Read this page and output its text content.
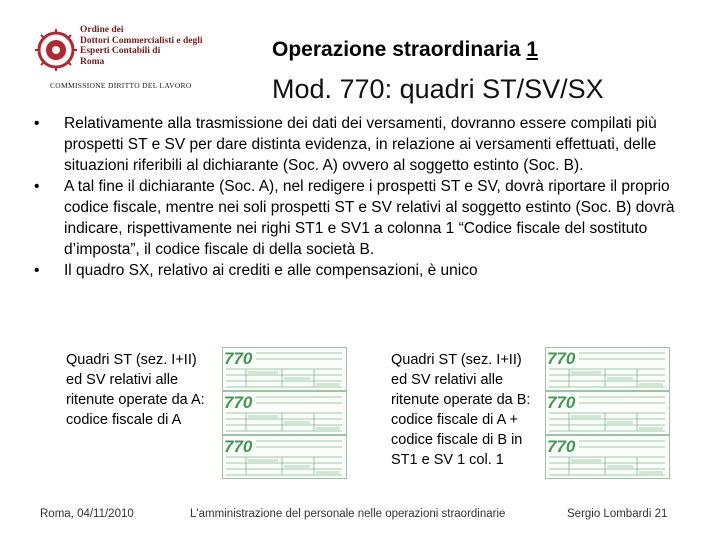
Ordine dei
Dottori Commercialisti e degli
Esperti Contabili di
Roma
COMMISSIONE DIRITTO DEL LAVORO
Operazione straordinaria 1
Mod. 770: quadri ST/SV/SX
• Relativamente alla trasmissione dei dati dei versamenti, dovranno essere compilati più prospetti ST e SV per dare distinta evidenza, in relazione ai versamenti effettuati, delle situazioni riferibili al dichiarante (Soc. A) ovvero al soggetto estinto (Soc. B).
• A tal fine il dichiarante (Soc. A), nel redigere i prospetti ST e SV, dovrà riportare il proprio codice fiscale, mentre nei soli prospetti ST e SV relativi al soggetto estinto (Soc. B) dovrà indicare, rispettivamente nei righi ST1 e SV1 a colonna 1 “Codice fiscale del sostituto d’imposta”, il codice fiscale di della società B.
• Il quadro SX, relativo ai crediti e alle compensazioni, è unico
Quadri ST (sez. I+II) ed SV relativi alle ritenute operate da A: codice fiscale di A
Quadri ST (sez. I+II) ed SV relativi alle ritenute operate da B: codice fiscale di A + codice fiscale di B in ST1 e SV 1 col. 1
770
770
770
770
770
770
Roma, 04/11/2010	L'amministrazione del personale nelle operazioni straordinarie	Sergio Lombardi 21
